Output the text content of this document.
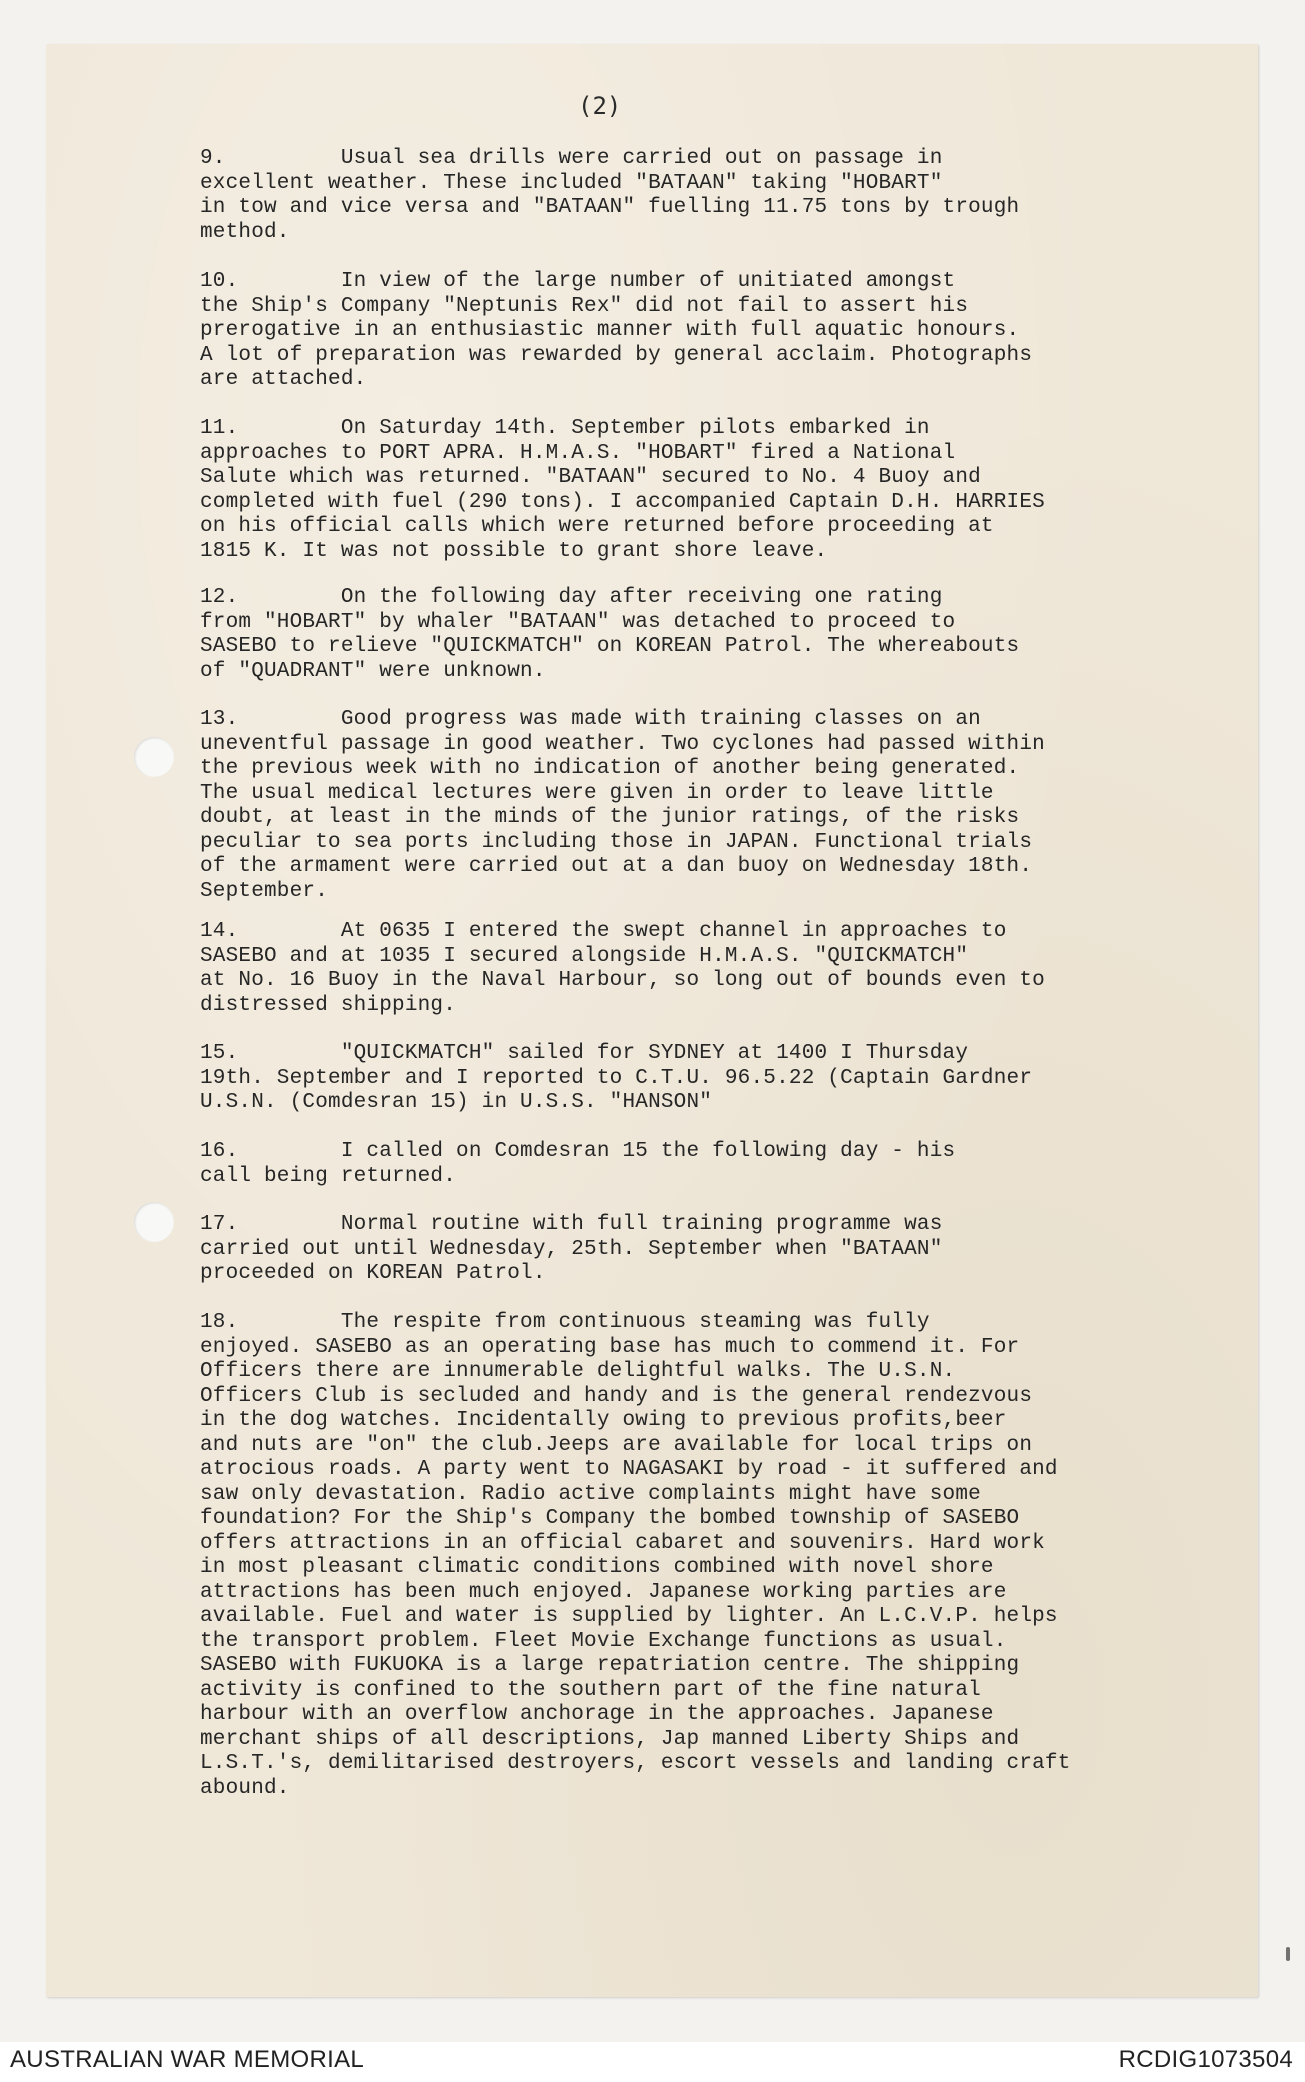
(2)
9.         Usual sea drills were carried out on passage in
excellent weather. These included "BATAAN" taking "HOBART"
in tow and vice versa and "BATAAN" fuelling 11.75 tons by trough
method.
10.        In view of the large number of unitiated amongst
the Ship's Company "Neptunis Rex" did not fail to assert his
prerogative in an enthusiastic manner with full aquatic honours.
A lot of preparation was rewarded by general acclaim. Photographs
are attached.
11.        On Saturday 14th. September pilots embarked in
approaches to PORT APRA. H.M.A.S. "HOBART" fired a National
Salute which was returned. "BATAAN" secured to No. 4 Buoy and
completed with fuel (290 tons). I accompanied Captain D.H. HARRIES
on his official calls which were returned before proceeding at
1815 K. It was not possible to grant shore leave.
12.        On the following day after receiving one rating
from "HOBART" by whaler "BATAAN" was detached to proceed to
SASEBO to relieve "QUICKMATCH" on KOREAN Patrol. The whereabouts
of "QUADRANT" were unknown.
13.        Good progress was made with training classes on an
uneventful passage in good weather. Two cyclones had passed within
the previous week with no indication of another being generated.
The usual medical lectures were given in order to leave little
doubt, at least in the minds of the junior ratings, of the risks
peculiar to sea ports including those in JAPAN. Functional trials
of the armament were carried out at a dan buoy on Wednesday 18th.
September.
14.        At 0635 I entered the swept channel in approaches to
SASEBO and at 1035 I secured alongside H.M.A.S. "QUICKMATCH"
at No. 16 Buoy in the Naval Harbour, so long out of bounds even to
distressed shipping.
15.        "QUICKMATCH" sailed for SYDNEY at 1400 I Thursday
19th. September and I reported to C.T.U. 96.5.22 (Captain Gardner
U.S.N. (Comdesran 15) in U.S.S. "HANSON"
16.        I called on Comdesran 15 the following day - his
call being returned.
17.        Normal routine with full training programme was
carried out until Wednesday, 25th. September when "BATAAN"
proceeded on KOREAN Patrol.
18.        The respite from continuous steaming was fully
enjoyed. SASEBO as an operating base has much to commend it. For
Officers there are innumerable delightful walks. The U.S.N.
Officers Club is secluded and handy and is the general rendezvous
in the dog watches. Incidentally owing to previous profits,beer
and nuts are "on" the club.Jeeps are available for local trips on
atrocious roads. A party went to NAGASAKI by road - it suffered and
saw only devastation. Radio active complaints might have some
foundation? For the Ship's Company the bombed township of SASEBO
offers attractions in an official cabaret and souvenirs. Hard work
in most pleasant climatic conditions combined with novel shore
attractions has been much enjoyed. Japanese working parties are
available. Fuel and water is supplied by lighter. An L.C.V.P. helps
the transport problem. Fleet Movie Exchange functions as usual.
SASEBO with FUKUOKA is a large repatriation centre. The shipping
activity is confined to the southern part of the fine natural
harbour with an overflow anchorage in the approaches. Japanese
merchant ships of all descriptions, Jap manned Liberty Ships and
L.S.T.'s, demilitarised destroyers, escort vessels and landing craft
abound.
AUSTRALIAN WAR MEMORIAL	RCDIG1073504
